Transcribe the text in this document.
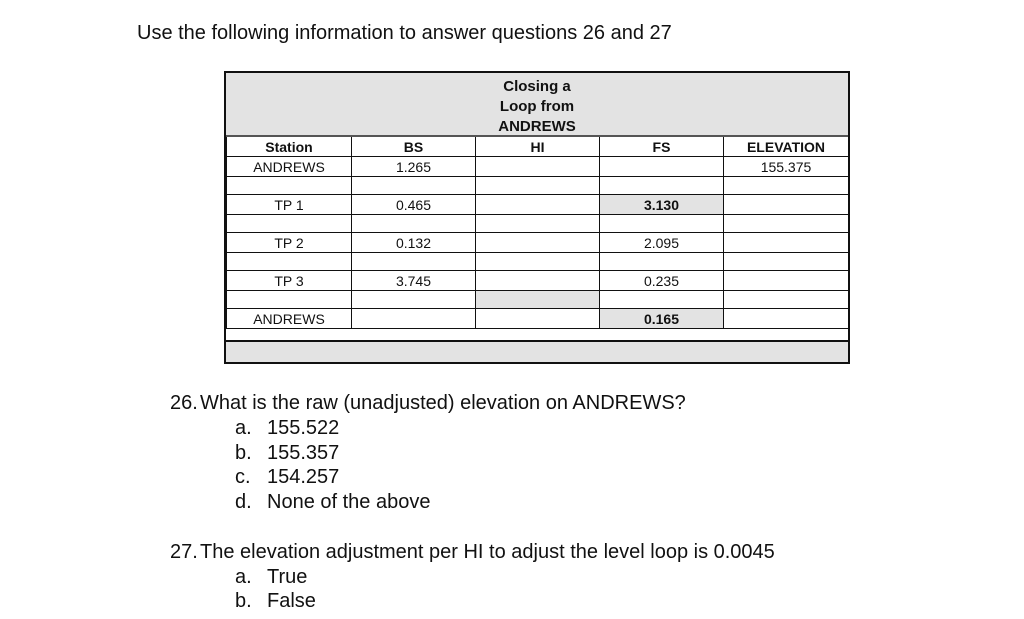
Use the following information to answer questions 26 and 27
Closing a
Loop from
ANDREWS
Station	BS	HI	FS	ELEVATION
ANDREWS	1.265			155.375

TP 1	0.465		3.130	

TP 2	0.132		2.095	

TP 3	3.745		0.235	

ANDREWS			0.165	
26. What is the raw (unadjusted) elevation on ANDREWS?
a. 155.522
b. 155.357
c. 154.257
d. None of the above
27. The elevation adjustment per HI to adjust the level loop is 0.0045
a. True
b. False
